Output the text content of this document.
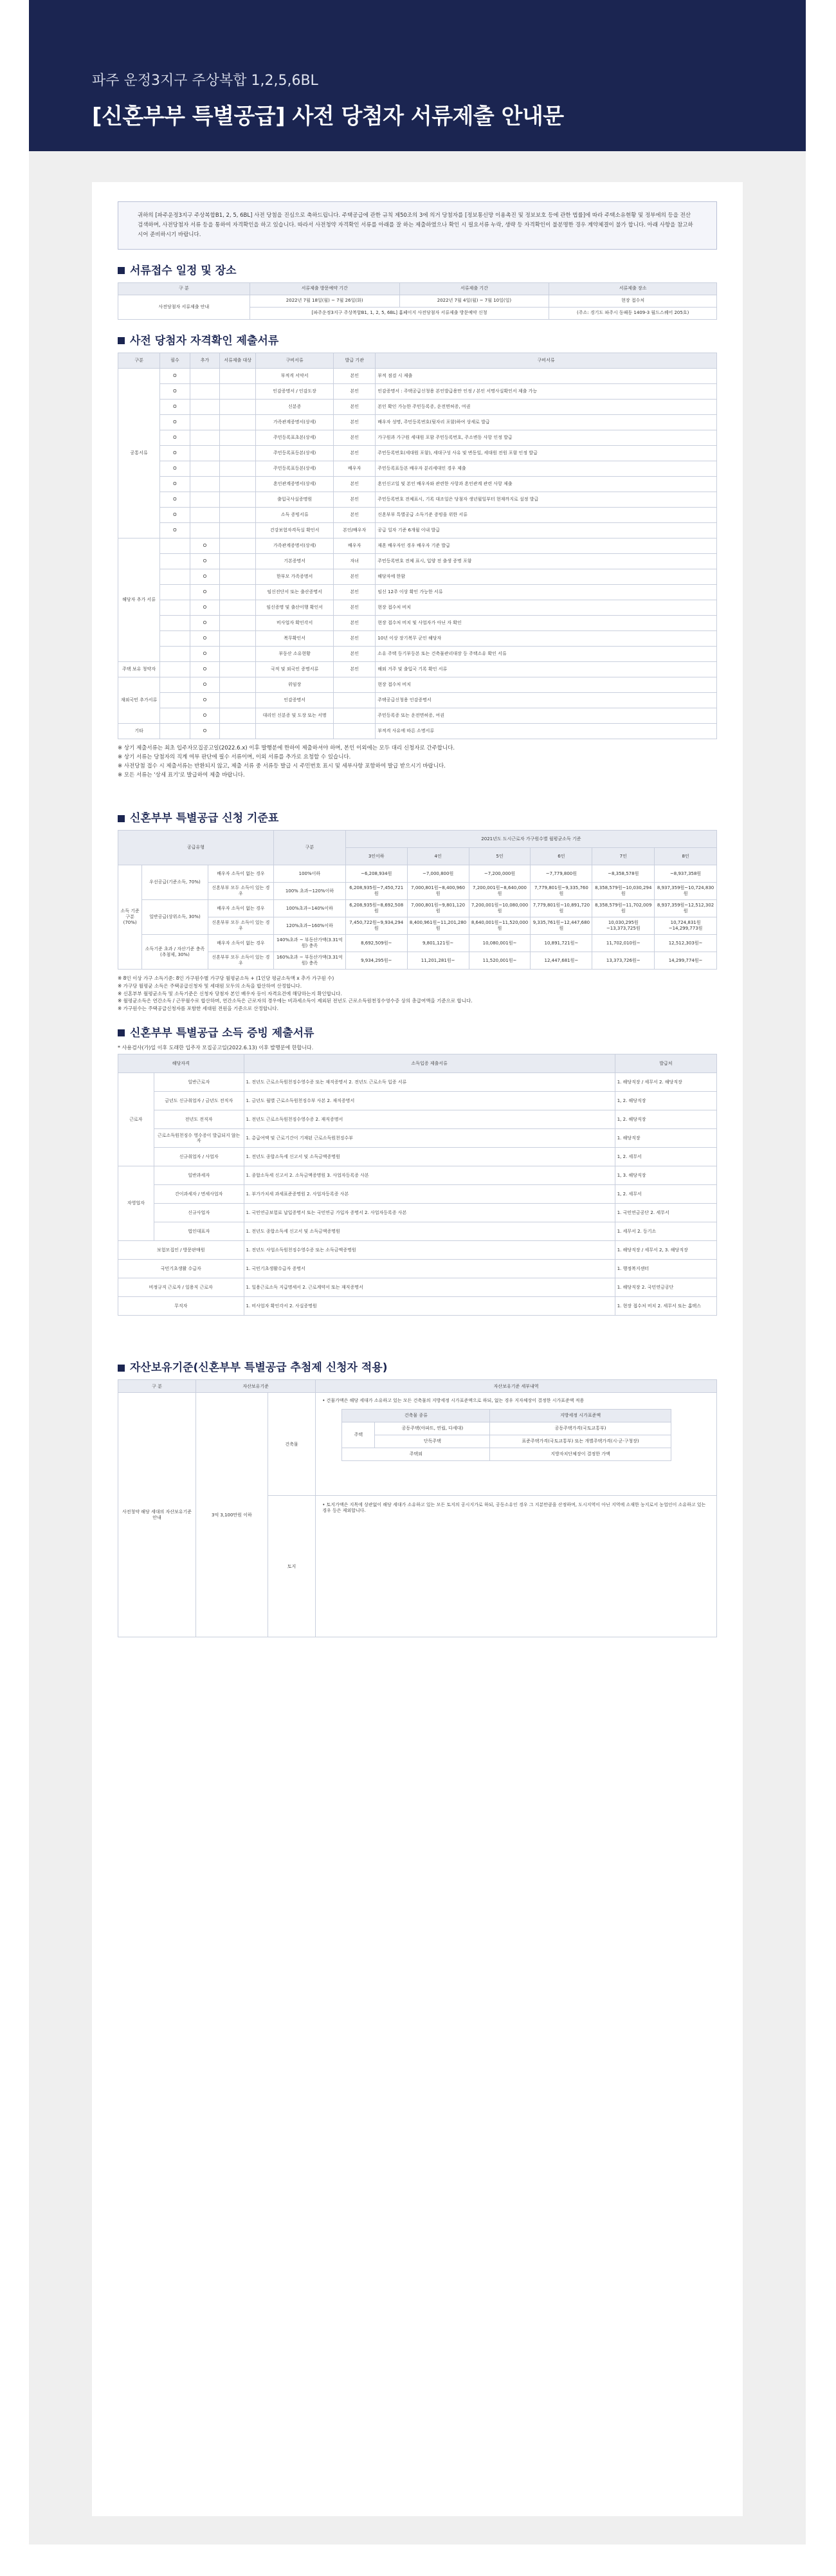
파주 운정3지구 주상복합 1,2,5,6BL
[신혼부부 특별공급] 사전 당첨자 서류제출 안내문
귀하의 [파주운정3지구 주상복합B1, 2, 5, 6BL] 사전 당첨을 진심으로 축하드립니다. 주택공급에 관한 규칙 제50조의 3에 의거 당첨자를 [정보통신망 이용촉진 및 정보보호 등에 관한 법률]에 따라 주택소유현황 및 정부에의 등을 전산 검색하며, 사전당첨자 서류 등을 통하여 자격확인을 하고 있습니다. 따라서 사전청약 자격확인 서류를 아래를 잘 하는 제출하였으나 확인 시 필요서류 누락, 생략 등 자격확인이 불분명한 경우 계약체결이 불가 합니다. 아래 사항을 참고하시어 준비하시기 바랍니다.
서류접수 일정 및 장소
구 분	서류제출 방문예약 기간	서류제출 기간	서류제출 장소
사전당첨자 서류제출 안내	2022년 7월 18일(월) ~ 7월 26일(화)	2022년 7월 4일(월) ~ 7월 10일(일)	현장 접수처
	[파주운정3지구 주상복합B1, 1, 2, 5, 6BL] 홈페이지 사전당첨자 서류제출 방문예약 신청		(주소: 경기도 파주시 동패동 1409-3 월드스퀘어 205호)
사전 당첨자 자격확인 제출서류
구분	필수	추가	서류제출 대상	구비서류	발급 기관	구비서류
공통서류	O			부적격 서약서	본인	부적 점검 시 제출
	O			인감증명서 / 인감도장	본인	인감증명서 : 주택공급신청용 본인발급용만 인정 / 본인 서명사실확인서 제출 가능
	O			신분증	본인	본인 확인 가능한 주민등록증, 운전면허증, 여권
	O			가족관계증명서(상세)	본인	배우자 성명, 주민등록번호(뒷자리 포함)하여 상세로 발급
	O			주민등록표초본(상세)	본인	가구원과 가구원 세대원 포함 주민등록번호, 주소변동 사항 인정 발급
	O			주민등록표등본(상세)	본인	주민등록번호(세대원 포함), 세대구성 사유 및 변동일, 세대원 전원 포함 인정 발급
	O			주민등록표등본(상세)	배우자	주민등록표등본 배우자 분리세대인 경우 제출
	O			혼인관계증명서(상세)	본인	혼인신고일 및 본인 배우자와 관련한 사항과 혼인관계 관련 사항 제출
	O			출입국사실증명원	본인	주민등록번호 전체표시, 기록 대조일은 당첨자 생년월일부터 현재까지로 설정 발급
	O			소득 증빙서류	본인	신혼부부 특별공급 소득기준 증빙을 위한 서류
	O			건강보험자격득실 확인서	본인/배우자	공급 일자 기준 6개월 이내 발급
해당자 추가 서류		O		가족관계증명서(상세)	배우자	재혼 배우자인 경우 배우자 기준 발급
		O		기본증명서	자녀	주민등록번호 전체 표시, 입양 전 출생 증명 포함
		O		한부모 가족증명서	본인	해당자에 한함
		O		임신진단서 또는 출산증명서	본인	임신 12주 이상 확인 가능한 서류
		O		임신증명 및 출산이행 확인서	본인	현장 접수처 비치
		O		비사업자 확인각서	본인	현장 접수처 비치 및 사업자가 아닌 자 확인
		O		복무확인서	본인	10년 이상 장기복무 군인 해당자
		O		부동산 소유현황	본인	소유 주택 등기부등본 또는 건축물관리대장 등 주택소유 확인 서류
주택 보유 청약자		O		국적 및 외국인 증명서류	본인	해외 거주 및 출입국 기록 확인 서류
재외국민 추가서류		O		위임장		현장 접수처 비치
		O		인감증명서		주택공급신청용 인감증명서
		O		대리인 신분증 및 도장 또는 서명		주민등록증 또는 운전면허증, 여권
기타		O				부적격 사유에 따른 소명서류

※ 상기 제출서류는 최초 입주자모집공고일(2022.6.x) 이후 발행분에 한하여 제출하셔야 하며, 본인 이외에는 모두 대리 신청자로 간주합니다.

※ 상기 서류는 당첨자의 직계 여부 판단에 필수 서류이며, 이외 서류를 추가로 요청할 수 있습니다.

※ 사전당첨 접수 시 제출서류는 반환되지 않고, 제출 서류 중 서류등 발급 시 주민번호 표시 및 세부사항 포함하여 발급 받으시기 바랍니다.

※ 모든 서류는 '상세 표기'로 발급하여 제출 바랍니다.

신혼부부 특별공급 신청 기준표
공급유형			구분	2021년도 도시근로자 가구원수별 월평균소득 기준					
				3인이하	4인	5인	6인	7인	8인
소득 기준 구분 (70%)	우선공급(기준소득, 70%)	배우자 소득이 없는 경우	100%이하	~6,208,934원	~7,000,800원	~7,200,000원	~7,779,800원	~8,358,578원	~8,937,358원
		신혼부부 모두 소득이 있는 경우	100% 초과~120%이하	6,208,935원~7,450,721원	7,000,801원~8,400,960원	7,200,001원~8,640,000원	7,779,801원~9,335,760원	8,358,579원~10,030,294원	8,937,359원~10,724,830원
	일반공급(상위소득, 30%)	배우자 소득이 없는 경우	100%초과~140%이하	6,208,935원~8,692,508원	7,000,801원~9,801,120원	7,200,001원~10,080,000원	7,779,801원~10,891,720원	8,358,579원~11,702,009원	8,937,359원~12,512,302원
		신혼부부 모두 소득이 있는 경우	120%초과~160%이하	7,450,722원~9,934,294원	8,400,961원~11,201,280원	8,640,001원~11,520,000원	9,335,761원~12,447,680원	10,030,295원~13,373,725원	10,724,831원~14,299,773원
	소득기준 초과 / 자산기준 충족 (추첨제, 30%)	배우자 소득이 없는 경우	140%초과 ~ 부동산가액(3.31억원) 충족	8,692,509원~	9,801,121원~	10,080,001원~	10,891,721원~	11,702,010원~	12,512,303원~
		신혼부부 모두 소득이 있는 경우	160%초과 ~ 부동산가액(3.31억원) 충족	9,934,295원~	11,201,281원~	11,520,001원~	12,447,681원~	13,373,726원~	14,299,774원~

※ 8인 이상 가구 소득기준: 8인 가구원수별 가구당 월평균소득 + (1인당 평균소득액 x 추가 가구원 수)

※ 가구당 월평균 소득은 주택공급신청자 및 세대원 모두의 소득을 합산하여 산정합니다.

※ 신혼부부 월평균소득 및 소득기준은 신청자 당첨자 본인 배우자 등이 자격요건에 해당하는지 확인합니다.

※ 월평균소득은 연간소득 / 근무월수로 합산하며, 연간소득은 근로자의 경우에는 비과세소득이 제외된 전년도 근로소득원천징수영수증 상의 총급여액을 기준으로 합니다.

※ 가구원수는 주택공급신청자를 포함한 세대원 전원을 기준으로 산정합니다.

신혼부부 특별공급 소득 증빙 제출서류

* 사용검사(가)일 이후 도래한 입주자 모집공고일(2022.6.13) 이후 발행분에 한합니다.

해당자격		소득입증 제출서류	발급처
근로자	일반근로자	1. 전년도 근로소득원천징수영수증 또는 재직증명서 2. 전년도 근로소득 입증 서류	1. 해당직장 / 세무서 2. 해당직장
	금년도 신규취업자 / 금년도 전직자	1. 금년도 월별 근로소득원천징수부 사본 2. 재직증명서	1, 2. 해당직장
	전년도 전직자	1. 전년도 근로소득원천징수영수증 2. 재직증명서	1, 2. 해당직장
	근로소득원천징수 영수증이 발급되지 않는 자	1. 총급여액 및 근로기간이 기재된 근로소득원천징수부	1. 해당직장
	신규취업자 / 사업자	1. 전년도 종합소득세 신고서 및 소득금액증명원	1, 2. 세무서
자영업자	일반과세자	1. 종합소득세 신고서 2. 소득금액증명원 3. 사업자등록증 사본	1, 3. 해당직장
	간이과세자 / 면세사업자	1. 부가가치세 과세표준증명원 2. 사업자등록증 사본	1, 2. 세무서
	신규사업자	1. 국민연금보험료 납입증명서 또는 국민연금 가입자 증명서 2. 사업자등록증 사본	1. 국민연금공단 2. 세무서
	법인대표자	1. 전년도 종합소득세 신고서 및 소득금액증명원	1. 세무서 2. 등기소
보험모집인 / 방문판매원		1. 전년도 사업소득원천징수영수증 또는 소득금액증명원	1. 해당직장 / 세무서 2, 3. 해당직장
국민기초생활 수급자		1. 국민기초생활수급자 증명서	1. 행정복지센터
비정규직 근로자 / 일용직 근로자		1. 일용근로소득 지급명세서 2. 근로계약서 또는 재직증명서	1. 해당직장 2. 국민연금공단
무직자		1. 비사업자 확인각서 2. 사실증명원	1. 현장 접수처 비치 2. 세무서 또는 홈택스
자산보유기준(신혼부부 특별공급 추첨제 신청자 적용)
구 분	자산보유기준	자산보유기준 세부내역
사전청약 해당 세대의 자산보유기준 안내	3억 3,100만원 이하	건축물	
• 건물가액은 해당 세대가 소유하고 있는 모든 건축물의 지방세정 시가표준액으로 하되, 없는 경우 지자체장이 결정한 시가표준액 적용
건축물 종류	지방세정 시가표준액
주택	공동주택(아파트, 연립, 다세대)	공동주택가격(국토교통부)
단독주택	표준주택가격(국토교통부) 또는 개별주택가격(시·군·구청장)
주택외	지방자치단체장이 결정한 가액

토지	• 토지가액은 지목에 상관없이 해당 세대가 소유하고 있는 모든 토지의 공시지가로 하되, 공동소유인 경우 그 지분만큼을 산정하며, 도시지역이 아닌 지역에 소재한 농지로서 농업인이 소유하고 있는 경우 등은 제외합니다.
